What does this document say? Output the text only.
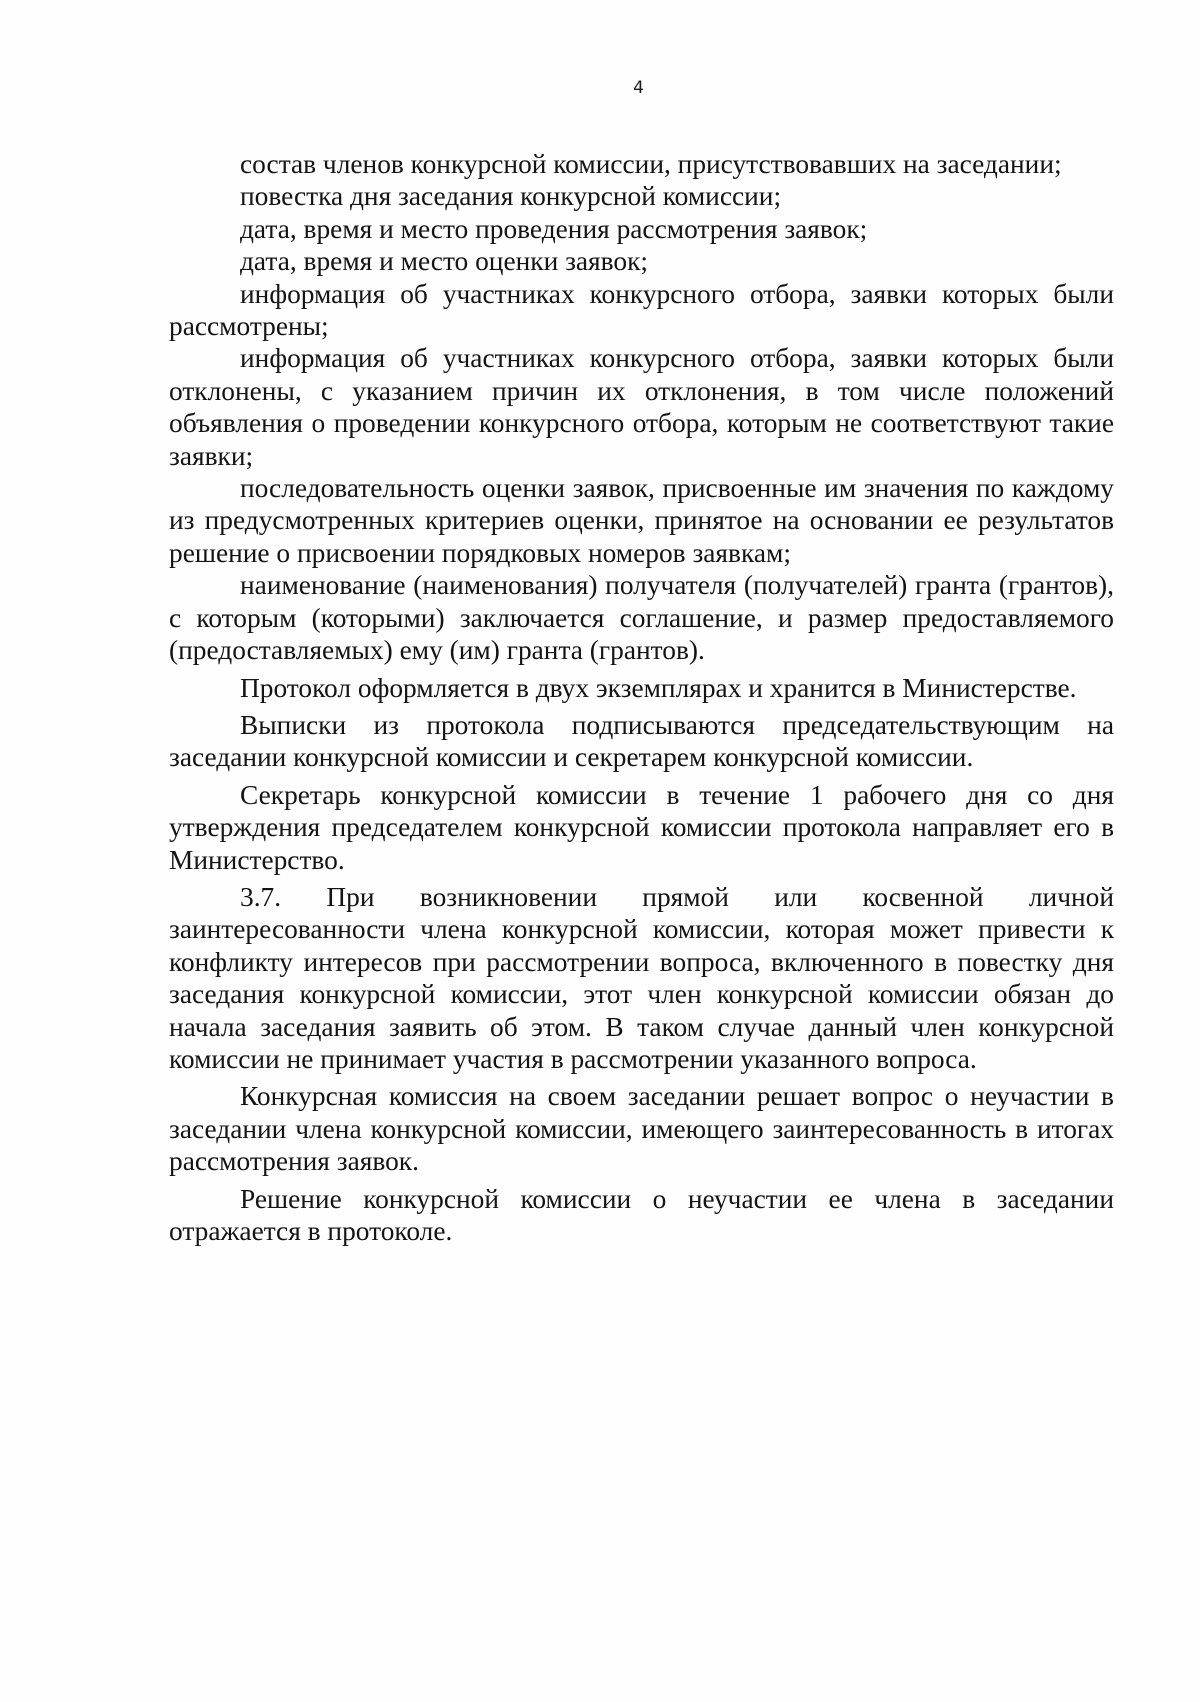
4

состав членов конкурсной комиссии, присутствовавших на заседании;

повестка дня заседания конкурсной комиссии;

дата, время и место проведения рассмотрения заявок;

дата, время и место оценки заявок;

информация об участниках конкурсного отбора, заявки которых были рассмотрены;

информация об участниках конкурсного отбора, заявки которых были отклонены, с указанием причин их отклонения, в том числе положений объявления о проведении конкурсного отбора, которым не соответствуют такие заявки;

последовательность оценки заявок, присвоенные им значения по каждому из предусмотренных критериев оценки, принятое на основании ее результатов решение о присвоении порядковых номеров заявкам;

наименование (наименования) получателя (получателей) гранта (грантов), с которым (которыми) заключается соглашение, и размер предоставляемого (предоставляемых) ему (им) гранта (грантов).

Протокол оформляется в двух экземплярах и хранится в Министерстве.

Выписки из протокола подписываются председательствующим на заседании конкурсной комиссии и секретарем конкурсной комиссии.

Секретарь конкурсной комиссии в течение 1 рабочего дня со дня утверждения председателем конкурсной комиссии протокола направляет его в Министерство.

3.7. При возникновении прямой или косвенной личной заинтересованности члена конкурсной комиссии, которая может привести к конфликту интересов при рассмотрении вопроса, включенного в повестку дня заседания конкурсной комиссии, этот член конкурсной комиссии обязан до начала заседания заявить об этом. В таком случае данный член конкурсной комиссии не принимает участия в рассмотрении указанного вопроса.

Конкурсная комиссия на своем заседании решает вопрос о неучастии в заседании члена конкурсной комиссии, имеющего заинтересованность в итогах рассмотрения заявок.

Решение конкурсной комиссии о неучастии ее члена в заседании отражается в протоколе.
